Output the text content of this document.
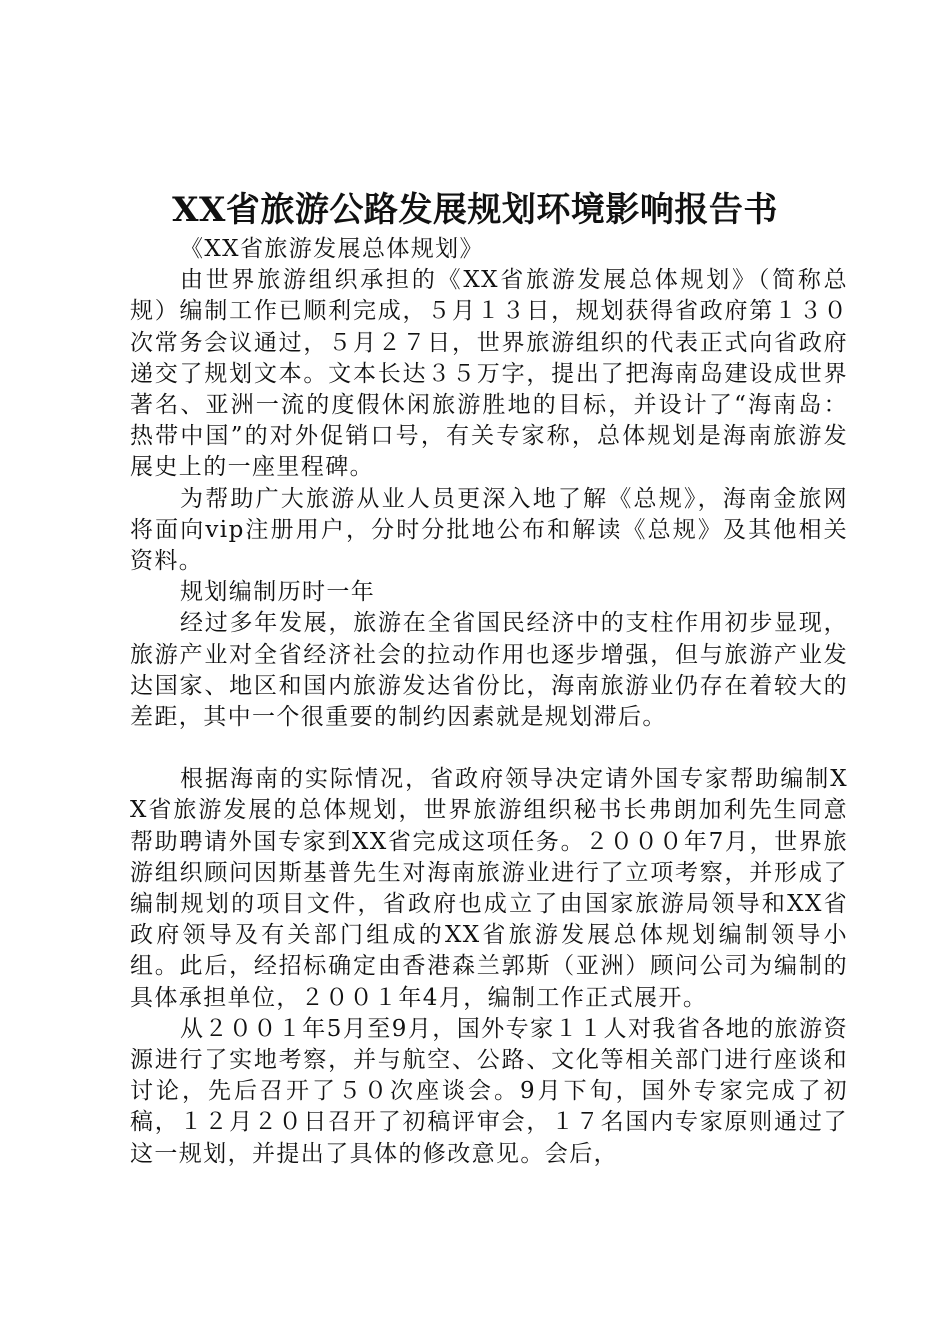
XX省旅游公路发展规划环境影响报告书

《XX省旅游发展总体规划》

由世界旅游组织承担的《XX省旅游发展总体规划》（简称总规）编制工作已顺利完成，５月１３日，规划获得省政府第１３０次常务会议通过，５月２７日，世界旅游组织的代表正式向省政府递交了规划文本。文本长达３５万字，提出了把海南岛建设成世界著名、亚洲一流的度假休闲旅游胜地的目标，并设计了“海南岛：热带中国”的对外促销口号，有关专家称，总体规划是海南旅游发展史上的一座里程碑。

为帮助广大旅游从业人员更深入地了解《总规》，海南金旅网将面向vip注册用户，分时分批地公布和解读《总规》及其他相关资料。

规划编制历时一年

经过多年发展，旅游在全省国民经济中的支柱作用初步显现，旅游产业对全省经济社会的拉动作用也逐步增强，但与旅游产业发达国家、地区和国内旅游发达省份比，海南旅游业仍存在着较大的差距，其中一个很重要的制约因素就是规划滞后。

根据海南的实际情况，省政府领导决定请外国专家帮助编制XX省旅游发展的总体规划，世界旅游组织秘书长弗朗加利先生同意帮助聘请外国专家到XX省完成这项任务。２０００年7月，世界旅游组织顾问因斯基普先生对海南旅游业进行了立项考察，并形成了编制规划的项目文件，省政府也成立了由国家旅游局领导和XX省政府领导及有关部门组成的XX省旅游发展总体规划编制领导小组。此后，经招标确定由香港森兰郭斯（亚洲）顾问公司为编制的具体承担单位，２００１年4月，编制工作正式展开。

从２００１年5月至9月，国外专家１１人对我省各地的旅游资源进行了实地考察，并与航空、公路、文化等相关部门进行座谈和讨论，先后召开了５０次座谈会。9月下旬，国外专家完成了初稿，１２月２０日召开了初稿评审会，１７名国内专家原则通过了这一规划，并提出了具体的修改意见。会后，
